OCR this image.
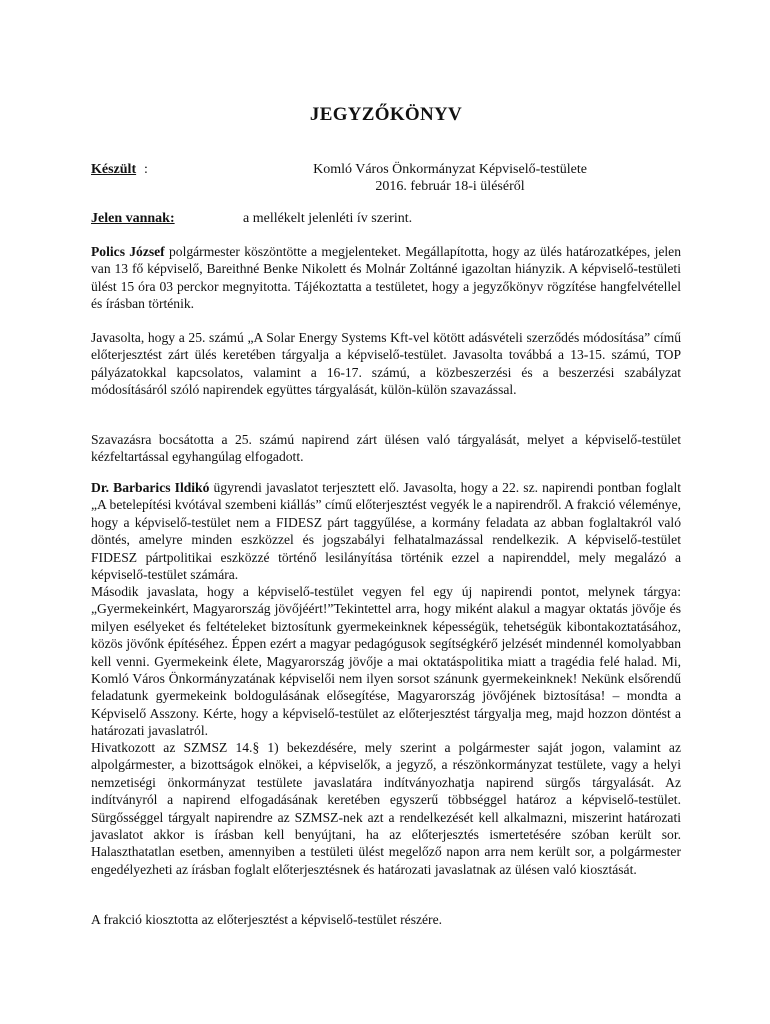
JEGYZŐKÖNYV
Készült :	Komló Város Önkormányzat Képviselő-testülete
2016. február 18-i üléséről
Jelen vannak:	a mellékelt jelenléti ív szerint.

Polics József polgármester köszöntötte a megjelenteket. Megállapította, hogy az ülés határozatképes, jelen van 13 fő képviselő, Bareithné Benke Nikolett és Molnár Zoltánné igazoltan hiányzik. A képviselő-testületi ülést 15 óra 03 perckor megnyitotta. Tájékoztatta a testületet, hogy a jegyzőkönyv rögzítése hangfelvétellel és írásban történik.

Javasolta, hogy a 25. számú „A Solar Energy Systems Kft-vel kötött adásvételi szerződés módosítása” című előterjesztést zárt ülés keretében tárgyalja a képviselő-testület. Javasolta továbbá a 13-15. számú, TOP pályázatokkal kapcsolatos, valamint a 16-17. számú, a közbeszerzési és a beszerzési szabályzat módosításáról szóló napirendek együttes tárgyalását, külön-külön szavazással.

Szavazásra bocsátotta a 25. számú napirend zárt ülésen való tárgyalását, melyet a képviselő-testület kézfeltartással egyhangúlag elfogadott.

Dr. Barbarics Ildikó ügyrendi javaslatot terjesztett elő. Javasolta, hogy a 22. sz. napirendi pontban foglalt „A betelepítési kvótával szembeni kiállás” című előterjesztést vegyék le a napirendről. A frakció véleménye, hogy a képviselő-testület nem a FIDESZ párt taggyűlése, a kormány feladata az abban foglaltakról való döntés, amelyre minden eszközzel és jogszabályi felhatalmazással rendelkezik. A képviselő-testület FIDESZ pártpolitikai eszközzé történő lesilányítása történik ezzel a napirenddel, mely megalázó a képviselő-testület számára.

Második javaslata, hogy a képviselő-testület vegyen fel egy új napirendi pontot, melynek tárgya: „Gyermekeinkért, Magyarország jövőjéért!”Tekintettel arra, hogy miként alakul a magyar oktatás jövője és milyen esélyeket és feltételeket biztosítunk gyermekeinknek képességük, tehetségük kibontakoztatásához, közös jövőnk építéséhez. Éppen ezért a magyar pedagógusok segítségkérő jelzését mindennél komolyabban kell venni. Gyermekeink élete, Magyarország jövője a mai oktatáspolitika miatt a tragédia felé halad. Mi, Komló Város Önkormányzatának képviselői nem ilyen sorsot szánunk gyermekeinknek! Nekünk elsőrendű feladatunk gyermekeink boldogulásának elősegítése, Magyarország jövőjének biztosítása! – mondta a Képviselő Asszony. Kérte, hogy a képviselő-testület az előterjesztést tárgyalja meg, majd hozzon döntést a határozati javaslatról.

Hivatkozott az SZMSZ 14.§ 1) bekezdésére, mely szerint a polgármester saját jogon, valamint az alpolgármester, a bizottságok elnökei, a képviselők, a jegyző, a részönkormányzat testülete, vagy a helyi nemzetiségi önkormányzat testülete javaslatára indítványozhatja napirend sürgős tárgyalását. Az indítványról a napirend elfogadásának keretében egyszerű többséggel határoz a képviselő-testület. Sürgősséggel tárgyalt napirendre az SZMSZ-nek azt a rendelkezését kell alkalmazni, miszerint határozati javaslatot akkor is írásban kell benyújtani, ha az előterjesztés ismertetésére szóban került sor. Halaszthatatlan esetben, amennyiben a testületi ülést megelőző napon arra nem került sor, a polgármester engedélyezheti az írásban foglalt előterjesztésnek és határozati javaslatnak az ülésen való kiosztását.

A frakció kiosztotta az előterjesztést a képviselő-testület részére.
